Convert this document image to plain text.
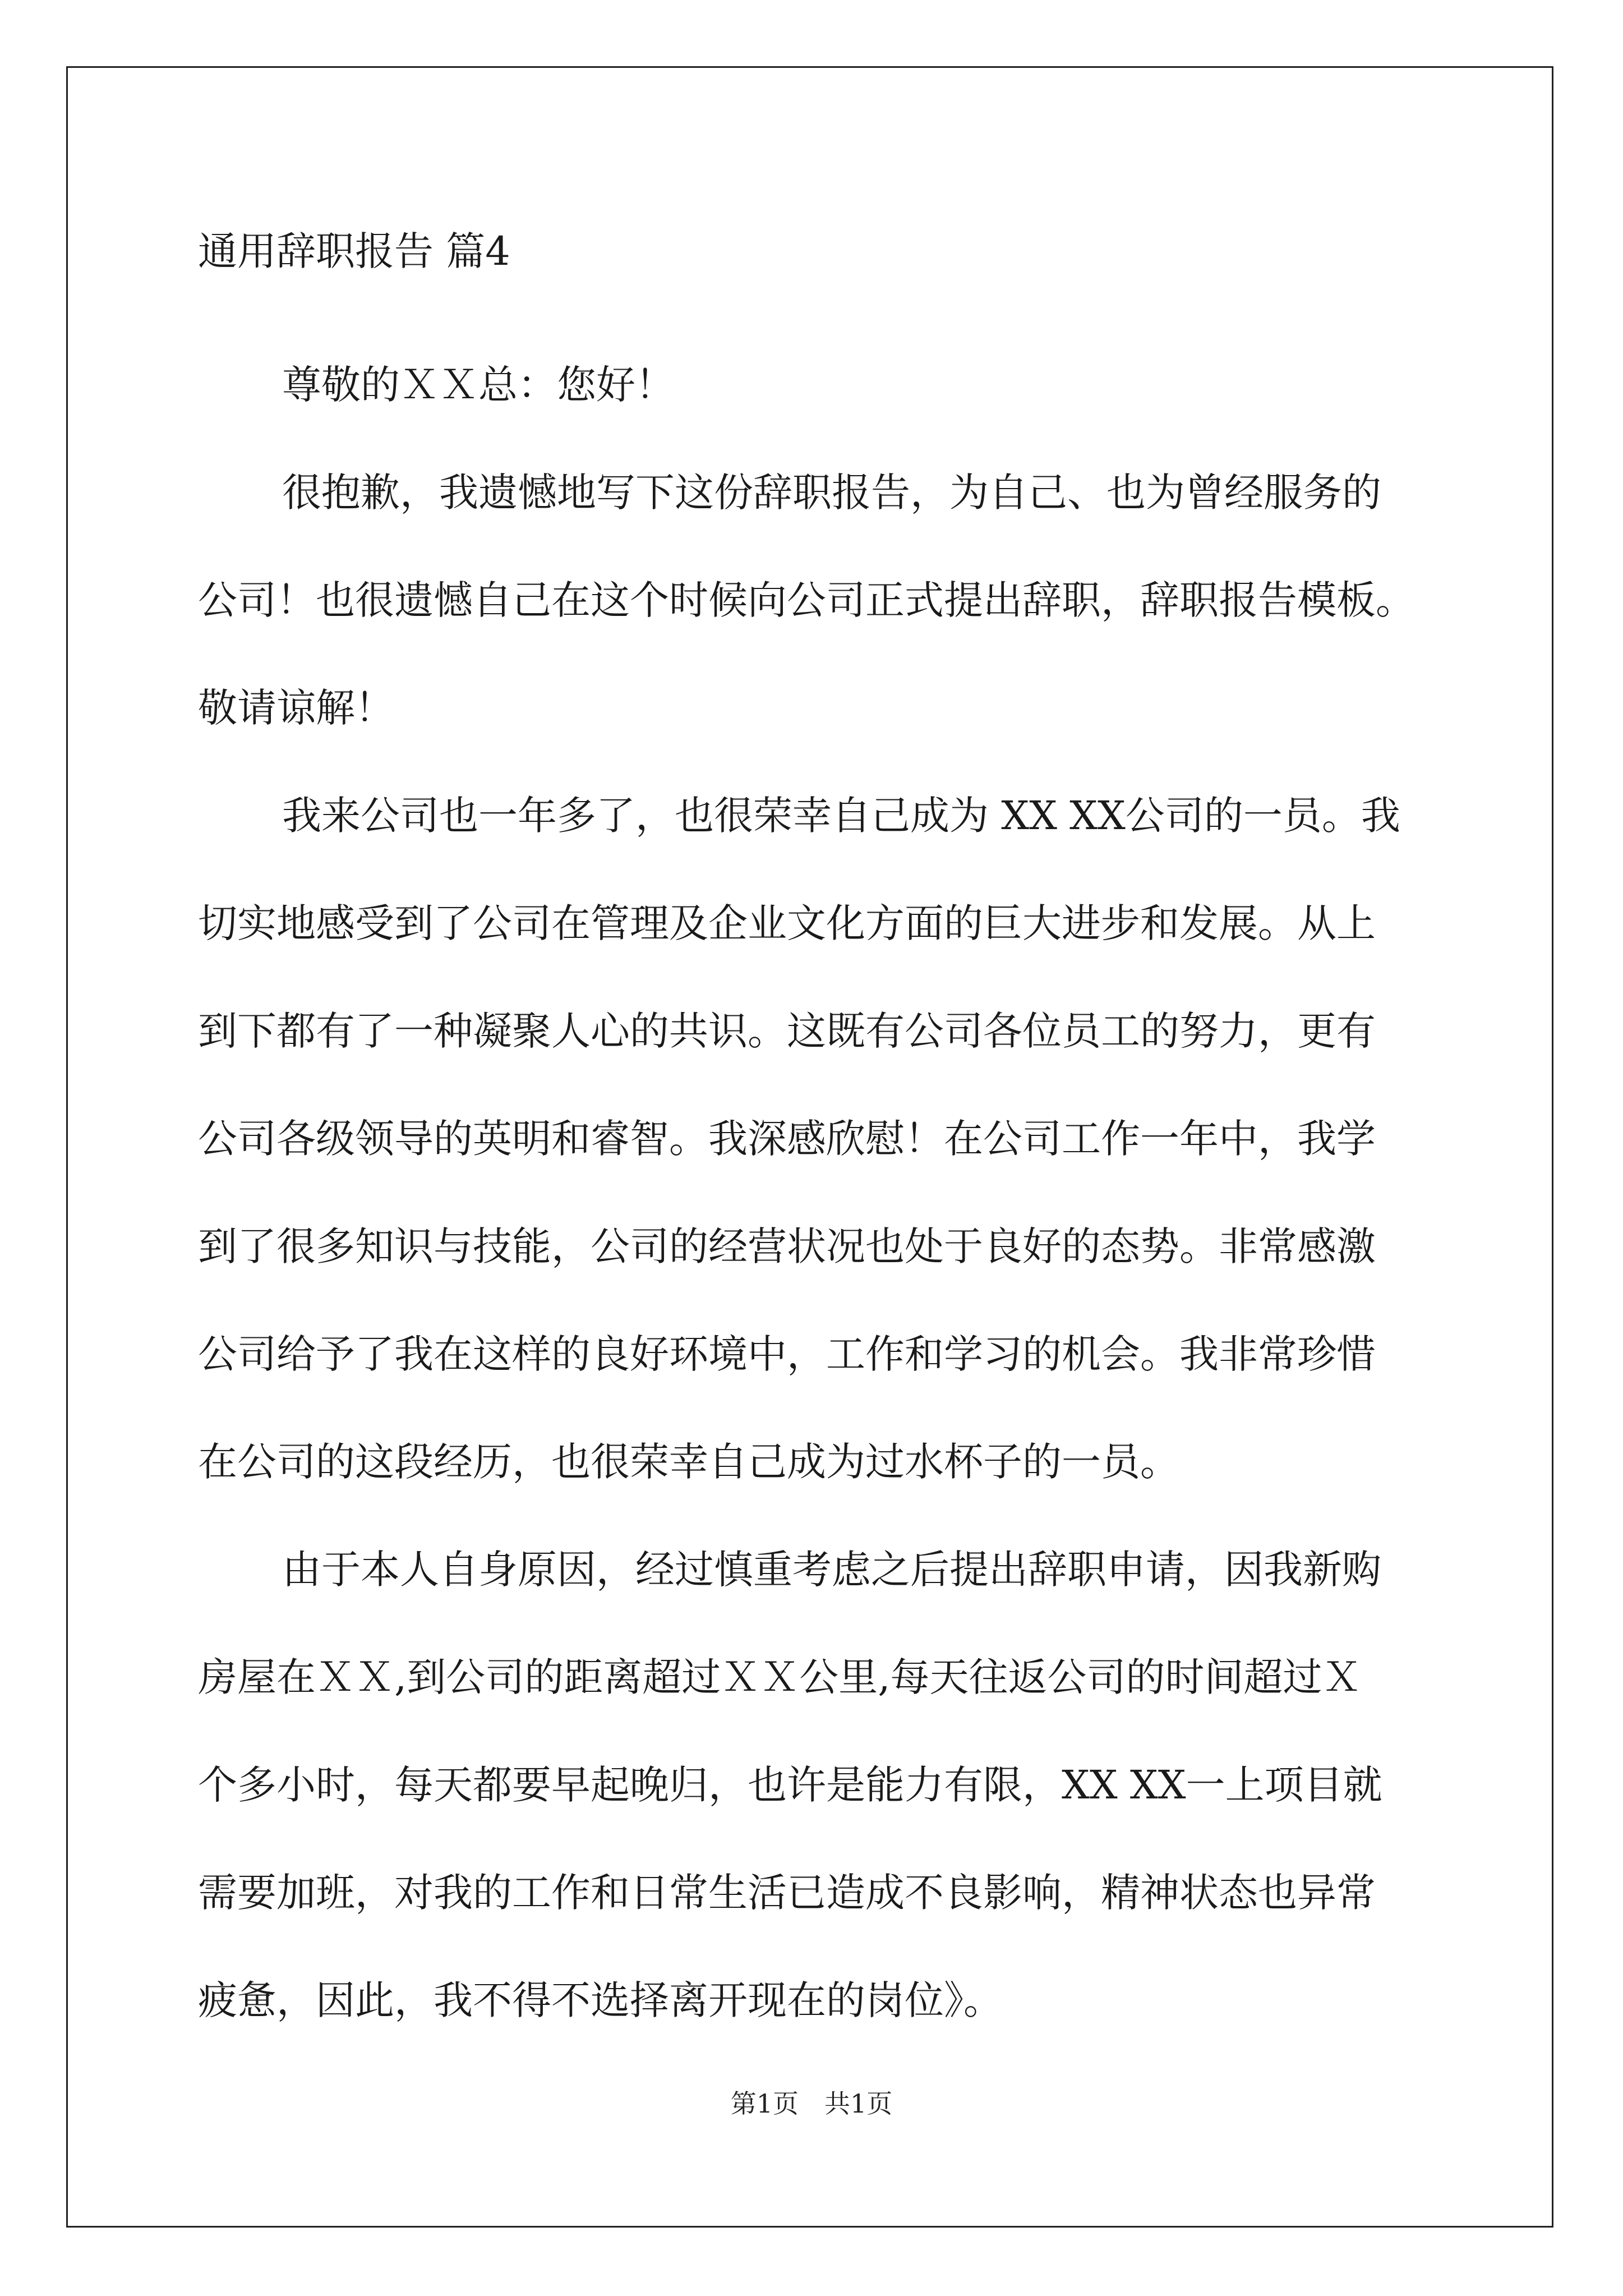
通用辞职报告 篇4
尊敬的ＸＸ总：您好！
很抱歉，我遗憾地写下这份辞职报告，为自己、也为曾经服务的
公司！也很遗憾自己在这个时候向公司正式提出辞职，辞职报告模板。
敬请谅解！
我来公司也一年多了，也很荣幸自己成为 XX XX公司的一员。我
切实地感受到了公司在管理及企业文化方面的巨大进步和发展。从上
到下都有了一种凝聚人心的共识。这既有公司各位员工的努力，更有
公司各级领导的英明和睿智。我深感欣慰！在公司工作一年中，我学
到了很多知识与技能，公司的经营状况也处于良好的态势。非常感激
公司给予了我在这样的良好环境中，工作和学习的机会。我非常珍惜
在公司的这段经历，也很荣幸自己成为过水杯子的一员。
由于本人自身原因，经过慎重考虑之后提出辞职申请，因我新购
房屋在ＸＸ,到公司的距离超过ＸＸ公里,每天往返公司的时间超过Ｘ
个多小时，每天都要早起晚归，也许是能力有限，XX XX一上项目就
需要加班，对我的工作和日常生活已造成不良影响，精神状态也异常
疲惫，因此，我不得不选择离开现在的岗位》。
第1页　共1页
